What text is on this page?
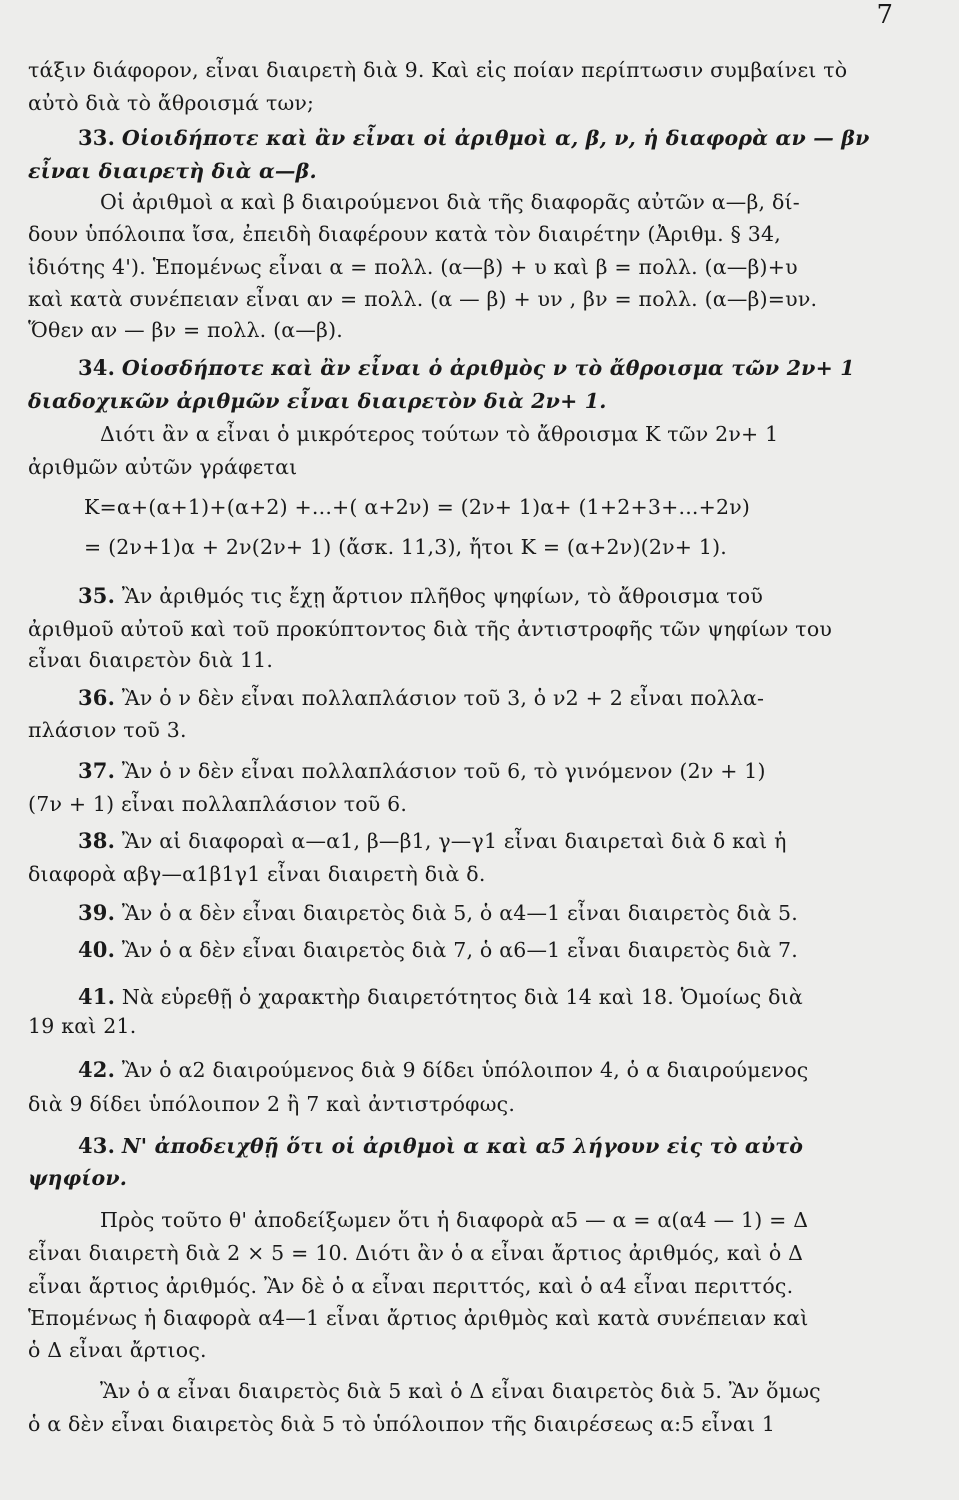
7
τάξιν διάφορον, εἶναι διαιρετὴ διὰ 9. Καὶ εἰς ποίαν περίπτωσιν συμβαίνει τὸ
αὐτὸ διὰ τὸ ἄθροισμά των;
33. Οἱοιδήποτε καὶ ἂν εἶναι οἱ ἀριθμοὶ α, β, ν, ἡ διαφορὰ αν — βν
εἶναι διαιρετὴ διὰ α—β.
Οἱ ἀριθμοὶ α καὶ β διαιρούμενοι διὰ τῆς διαφορᾶς αὐτῶν α—β, δί-
δουν ὑπόλοιπα ἴσα, ἐπειδὴ διαφέρουν κατὰ τὸν διαιρέτην (Ἀριθμ. § 34,
ἰδιότης 4'). Ἑπομένως εἶναι α = πολλ. (α—β) + υ καὶ β = πολλ. (α—β)+υ
καὶ κατὰ συνέπειαν εἶναι αν = πολλ. (α — β) + υν , βν = πολλ. (α—β)=υν.
Ὅθεν αν — βν = πολλ. (α—β).
34. Οἱοσδήποτε καὶ ἂν εἶναι ὁ ἀριθμὸς ν τὸ ἄθροισμα τῶν 2ν+ 1
διαδοχικῶν ἀριθμῶν εἶναι διαιρετὸν διὰ 2ν+ 1.
Διότι ἂν α εἶναι ὁ μικρότερος τούτων τὸ ἄθροισμα Κ τῶν 2ν+ 1
ἀριθμῶν αὐτῶν γράφεται
Κ=α+(α+1)+(α+2) +...+( α+2ν) = (2ν+ 1)α+ (1+2+3+...+2ν)
= (2ν+1)α + 2ν(2ν+ 1) (ἄσκ. 11,3), ἤτοι Κ = (α+2ν)(2ν+ 1).
35. Ἂν ἀριθμός τις ἔχῃ ἄρτιον πλῆθος ψηφίων, τὸ ἄθροισμα τοῦ
ἀριθμοῦ αὐτοῦ καὶ τοῦ προκύπτοντος διὰ τῆς ἀντιστροφῆς τῶν ψηφίων του
εἶναι διαιρετὸν διὰ 11.
36. Ἂν ὁ ν δὲν εἶναι πολλαπλάσιον τοῦ 3, ὁ ν2 + 2 εἶναι πολλα-
πλάσιον τοῦ 3.
37. Ἂν ὁ ν δὲν εἶναι πολλαπλάσιον τοῦ 6, τὸ γινόμενον (2ν + 1)
(7ν + 1) εἶναι πολλαπλάσιον τοῦ 6.
38. Ἂν αἱ διαφοραὶ α—α1, β—β1, γ—γ1 εἶναι διαιρεταὶ διὰ δ καὶ ἡ
διαφορὰ αβγ—α1β1γ1 εἶναι διαιρετὴ διὰ δ.
39. Ἂν ὁ α δὲν εἶναι διαιρετὸς διὰ 5, ὁ α4—1 εἶναι διαιρετὸς διὰ 5.
40. Ἂν ὁ α δὲν εἶναι διαιρετὸς διὰ 7, ὁ α6—1 εἶναι διαιρετὸς διὰ 7.
41. Νὰ εὑρεθῇ ὁ χαρακτὴρ διαιρετότητος διὰ 14 καὶ 18. Ὁμοίως διὰ
19 καὶ 21.
42. Ἂν ὁ α2 διαιρούμενος διὰ 9 δίδει ὑπόλοιπον 4, ὁ α διαιρούμενος
διὰ 9 δίδει ὑπόλοιπον 2 ἢ 7 καὶ ἀντιστρόφως.
43. Ν' ἀποδειχθῇ ὅτι οἱ ἀριθμοὶ α καὶ α5 λήγουν εἰς τὸ αὐτὸ
ψηφίον.
Πρὸς τοῦτο θ' ἀποδείξωμεν ὅτι ἡ διαφορὰ α5 — α = α(α4 — 1) = Δ
εἶναι διαιρετὴ διὰ 2 × 5 = 10. Διότι ἂν ὁ α εἶναι ἄρτιος ἀριθμός, καὶ ὁ Δ
εἶναι ἄρτιος ἀριθμός. Ἂν δὲ ὁ α εἶναι περιττός, καὶ ὁ α4 εἶναι περιττός.
Ἑπομένως ἡ διαφορὰ α4—1 εἶναι ἄρτιος ἀριθμὸς καὶ κατὰ συνέπειαν καὶ
ὁ Δ εἶναι ἄρτιος.
Ἂν ὁ α εἶναι διαιρετὸς διὰ 5 καὶ ὁ Δ εἶναι διαιρετὸς διὰ 5. Ἂν ὅμως
ὁ α δὲν εἶναι διαιρετὸς διὰ 5 τὸ ὑπόλοιπον τῆς διαιρέσεως α:5 εἶναι 1
